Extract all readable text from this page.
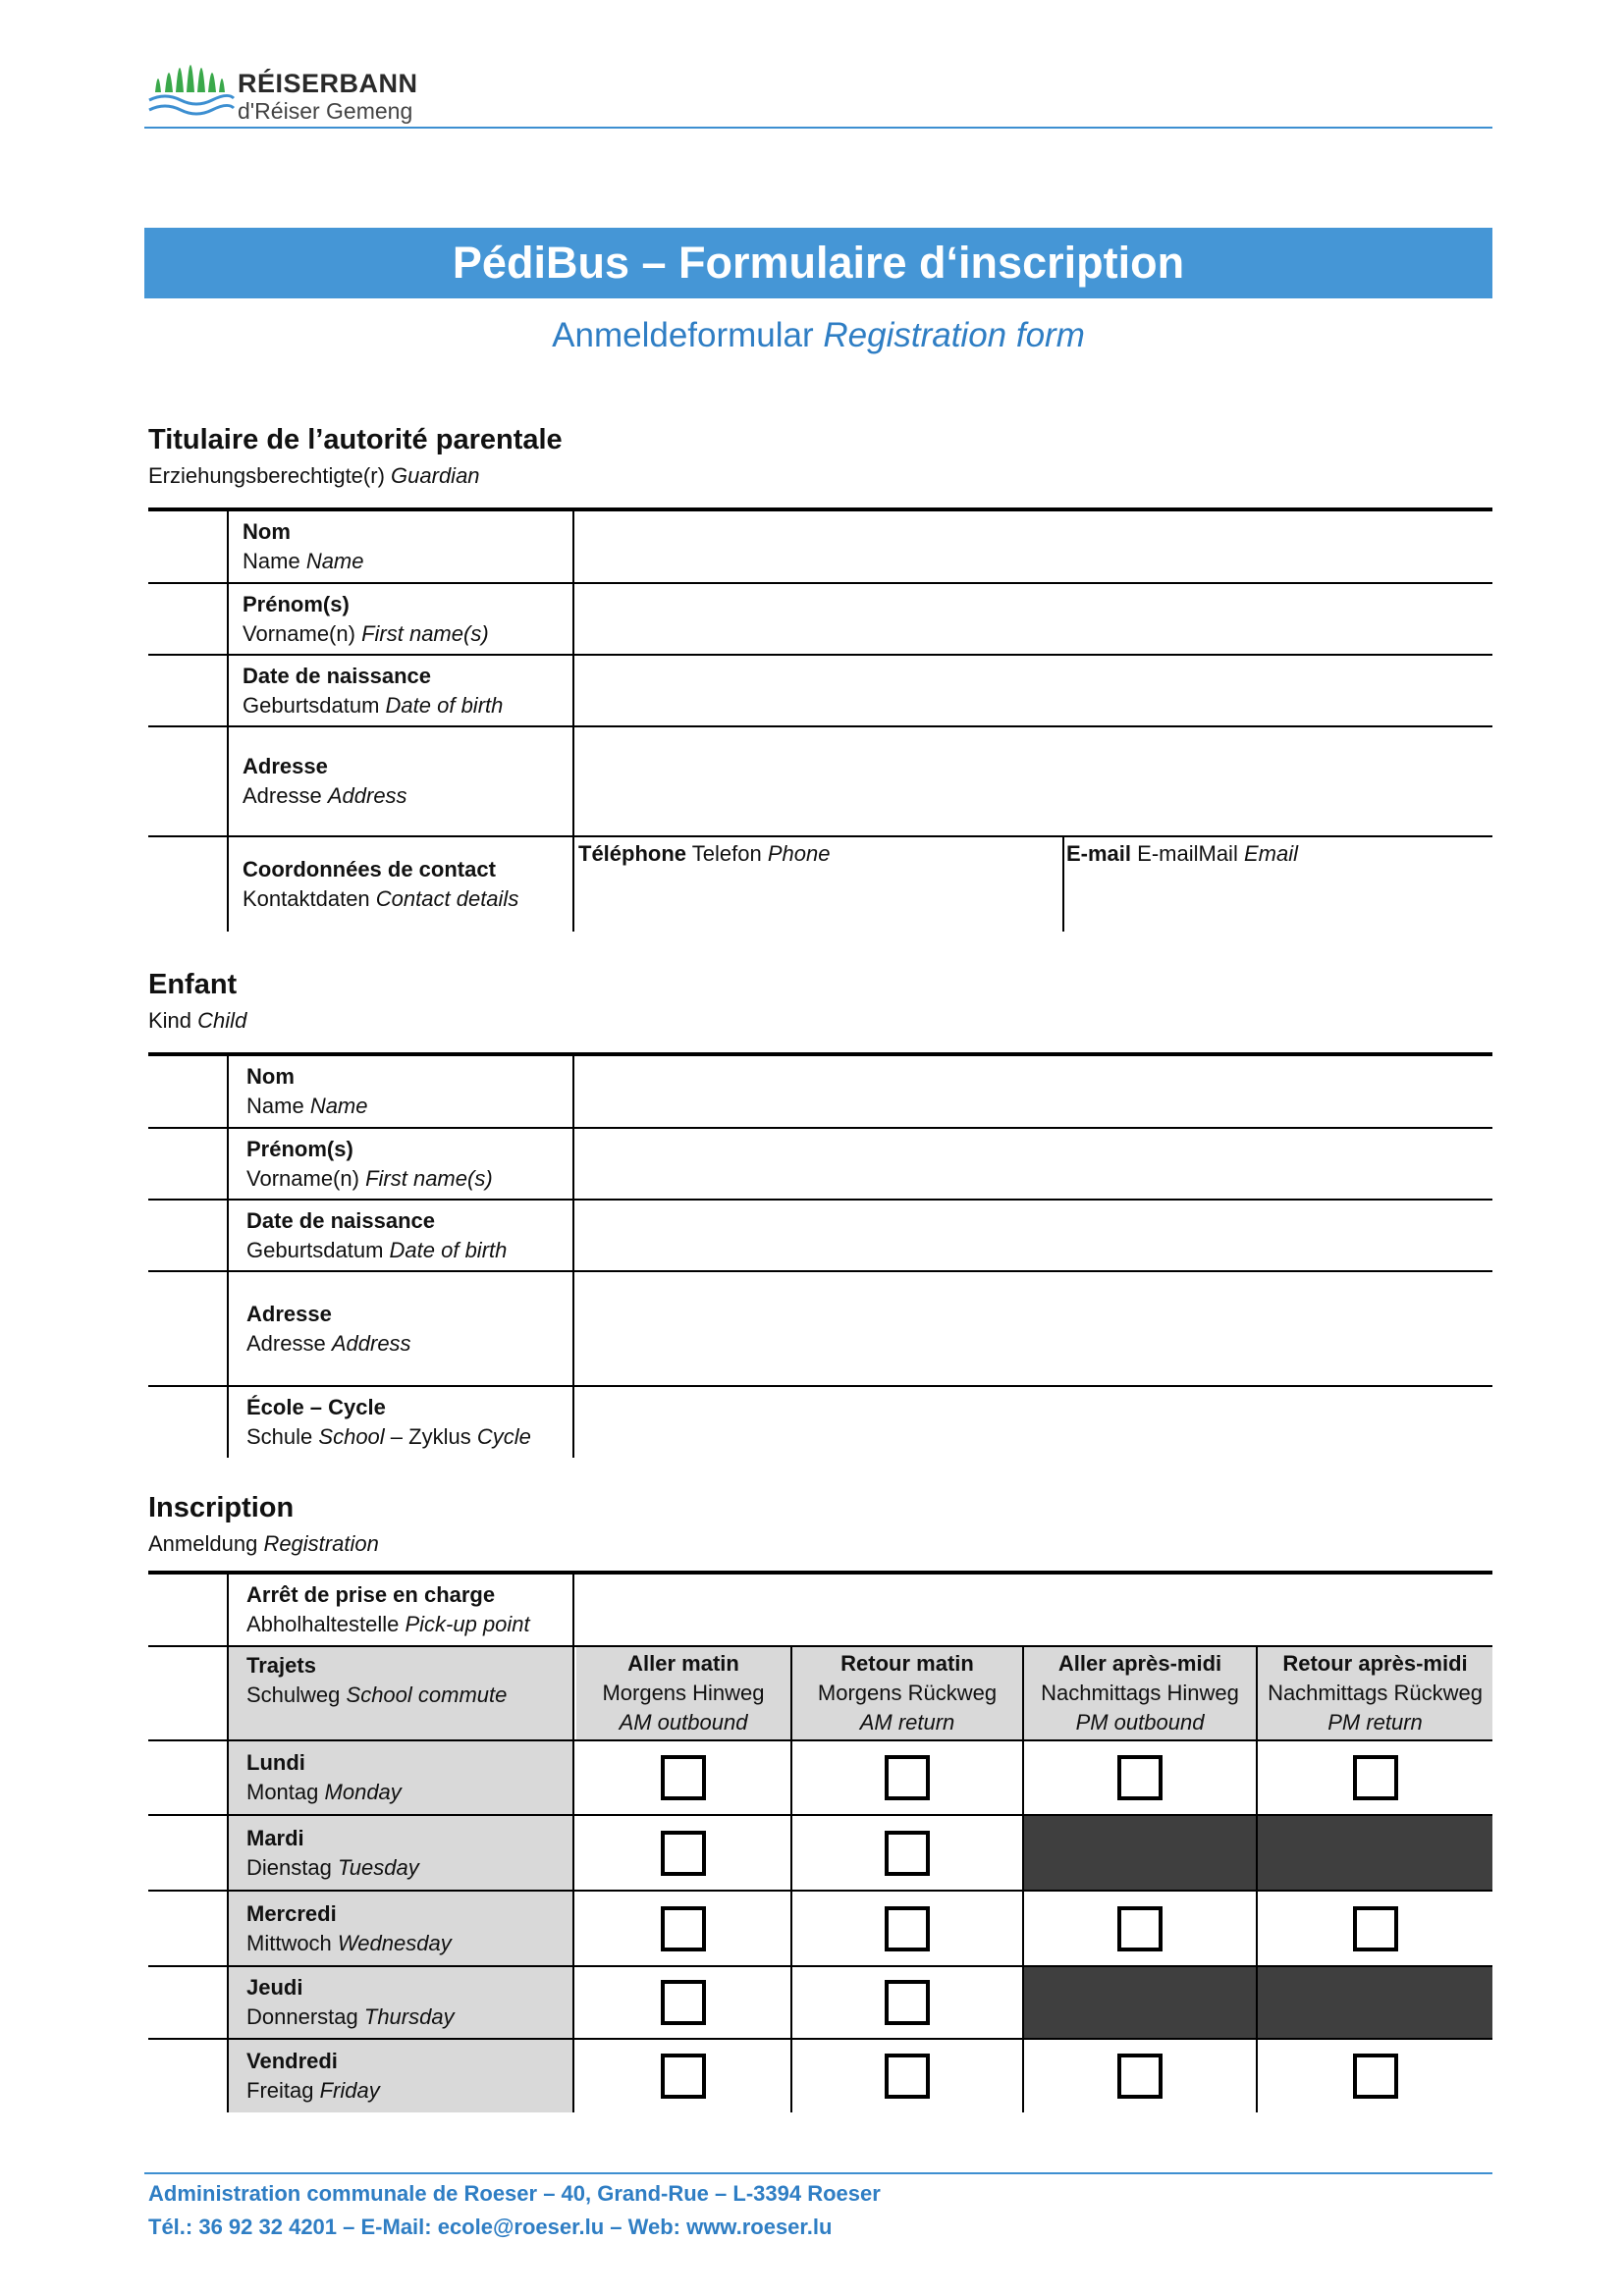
RÉISERBANN
d'Réiser Gemeng
PédiBus – Formulaire d‘inscription
Anmeldeformular Registration form
Titulaire de l’autorité parentale
Erziehungsberechtigte(r) Guardian
Nom
Name Name
Prénom(s)
Vorname(n) First name(s)
Date de naissance
Geburtsdatum Date of birth
Adresse
Adresse Address
Coordonnées de contact
Kontaktdaten Contact details
Téléphone Telefon Phone	E-mail E-mailMail Email
Enfant
Kind Child
Nom
Name Name
Prénom(s)
Vorname(n) First name(s)
Date de naissance
Geburtsdatum Date of birth
Adresse
Adresse Address
École – Cycle
Schule School – Zyklus Cycle
Inscription
Anmeldung Registration
Arrêt de prise en charge
Abholhaltestelle Pick-up point
Trajets
Schulweg School commute
Aller matin
Morgens Hinweg
AM outbound
Retour matin
Morgens Rückweg
AM return
Aller après-midi
Nachmittags Hinweg
PM outbound
Retour après-midi
Nachmittags Rückweg
PM return
Lundi
Montag Monday
Mardi
Dienstag Tuesday
Mercredi
Mittwoch Wednesday
Jeudi
Donnerstag Thursday
Vendredi
Freitag Friday
Administration communale de Roeser – 40, Grand-Rue – L-3394 Roeser
Tél.: 36 92 32 4201 – E-Mail: ecole@roeser.lu – Web: www.roeser.lu
